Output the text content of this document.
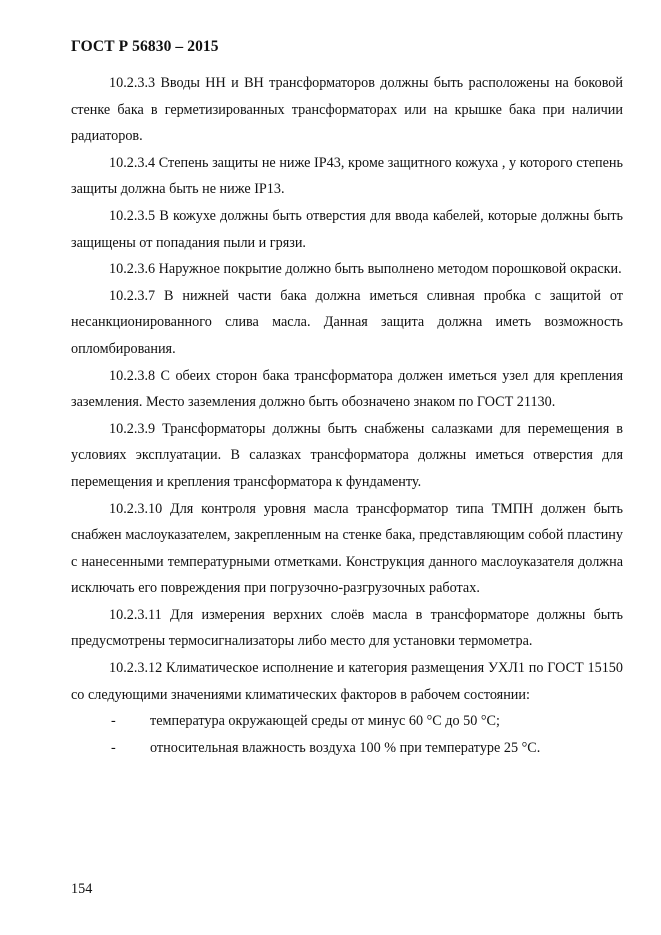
ГОСТ Р 56830 – 2015

10.2.3.3 Вводы НН и ВН трансформаторов должны быть расположены на боковой стенке бака в герметизированных трансформаторах или на крышке бака при наличии радиаторов.

10.2.3.4 Степень защиты не ниже IP43, кроме защитного кожуха , у которого степень защиты должна быть не ниже IP13.

10.2.3.5 В кожухе должны быть отверстия для ввода кабелей, которые должны быть защищены от попадания пыли и грязи.

10.2.3.6 Наружное покрытие должно быть выполнено методом порошковой окраски.

10.2.3.7 В нижней части бака должна иметься сливная пробка с защитой от несанкционированного слива масла. Данная защита должна иметь возможность опломбирования.

10.2.3.8 С обеих сторон бака трансформатора должен иметься узел для крепления заземления. Место заземления должно быть обозначено знаком по ГОСТ 21130.

10.2.3.9 Трансформаторы должны быть снабжены салазками для перемещения в условиях эксплуатации. В салазках трансформатора должны иметься отверстия для перемещения и крепления трансформатора к фундаменту.

10.2.3.10 Для контроля уровня масла трансформатор типа ТМПН должен быть снабжен маслоуказателем, закрепленным на стенке бака, представляющим собой пластину с нанесенными температурными отметками. Конструкция данного маслоуказателя должна исключать его повреждения при погрузочно-разгрузочных работах.

10.2.3.11 Для измерения верхних слоёв масла в трансформаторе должны быть предусмотрены термосигнализаторы либо место для установки термометра.

10.2.3.12 Климатическое исполнение и категория размещения УХЛ1 по ГОСТ 15150 со следующими значениями климатических факторов в рабочем состоянии:

-	температура окружающей среды от минус 60 °С до 50 °С;
-	относительная влажность воздуха 100 % при температуре 25 °С.
154
